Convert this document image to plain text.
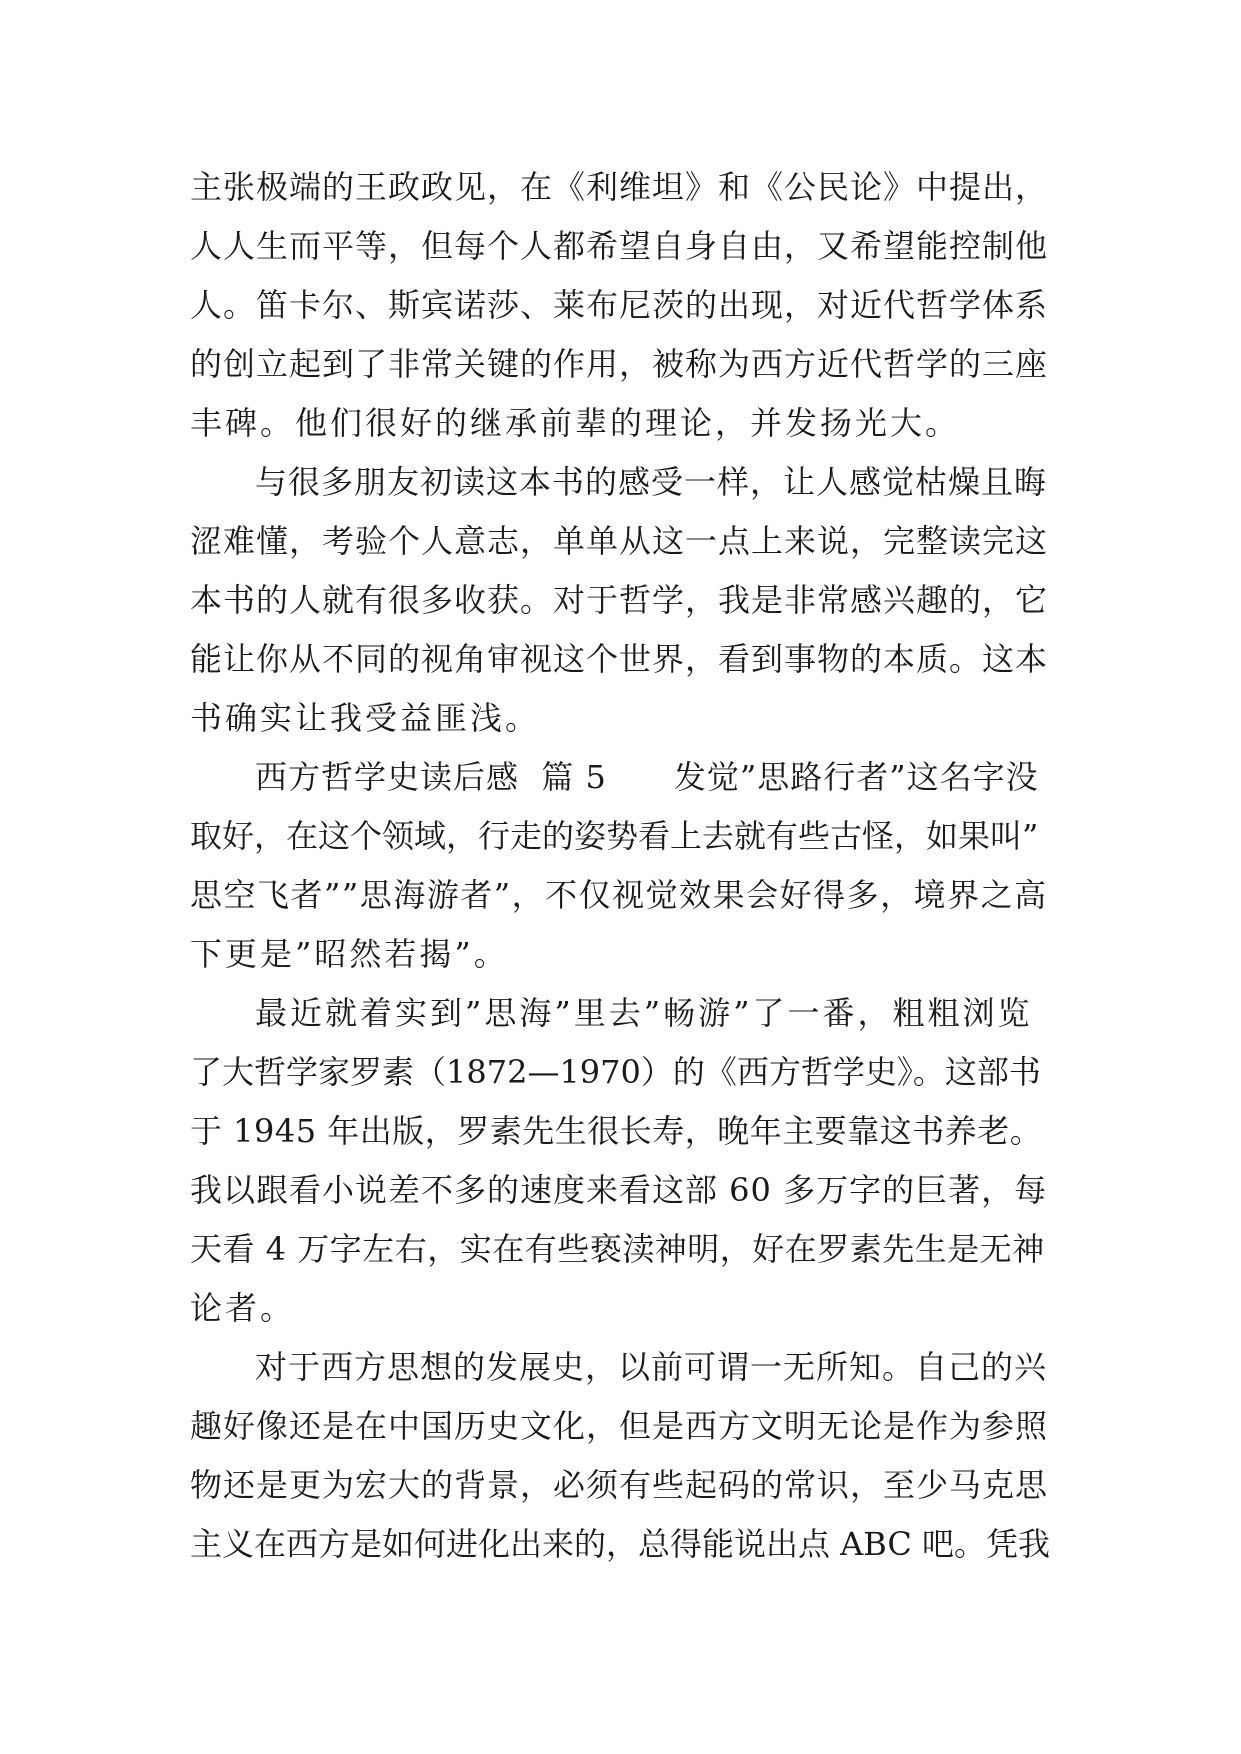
主张极端的王政政见，在《利维坦》和《公民论》中提出，
人人生而平等，但每个人都希望自身自由，又希望能控制他
人。笛卡尔、斯宾诺莎、莱布尼茨的出现，对近代哲学体系
的创立起到了非常关键的作用，被称为西方近代哲学的三座
丰碑。他们很好的继承前辈的理论，并发扬光大。
与很多朋友初读这本书的感受一样，让人感觉枯燥且晦
涩难懂，考验个人意志，单单从这一点上来说，完整读完这
本书的人就有很多收获。对于哲学，我是非常感兴趣的，它
能让你从不同的视角审视这个世界，看到事物的本质。这本
书确实让我受益匪浅。
西方哲学史读后感  篇 5      发觉”思路行者”这名字没
取好，在这个领域，行走的姿势看上去就有些古怪，如果叫”
思空飞者””思海游者”，不仅视觉效果会好得多，境界之高
下更是”昭然若揭”。
最近就着实到”思海”里去”畅游”了一番，粗粗浏览
了大哲学家罗素（1872—1970）的《西方哲学史》。这部书
于 1945 年出版，罗素先生很长寿，晚年主要靠这书养老。
我以跟看小说差不多的速度来看这部 60 多万字的巨著，每
天看 4 万字左右，实在有些亵渎神明，好在罗素先生是无神
论者。
对于西方思想的发展史，以前可谓一无所知。自己的兴
趣好像还是在中国历史文化，但是西方文明无论是作为参照
物还是更为宏大的背景，必须有些起码的常识，至少马克思
主义在西方是如何进化出来的，总得能说出点 ABC 吧。凭我
